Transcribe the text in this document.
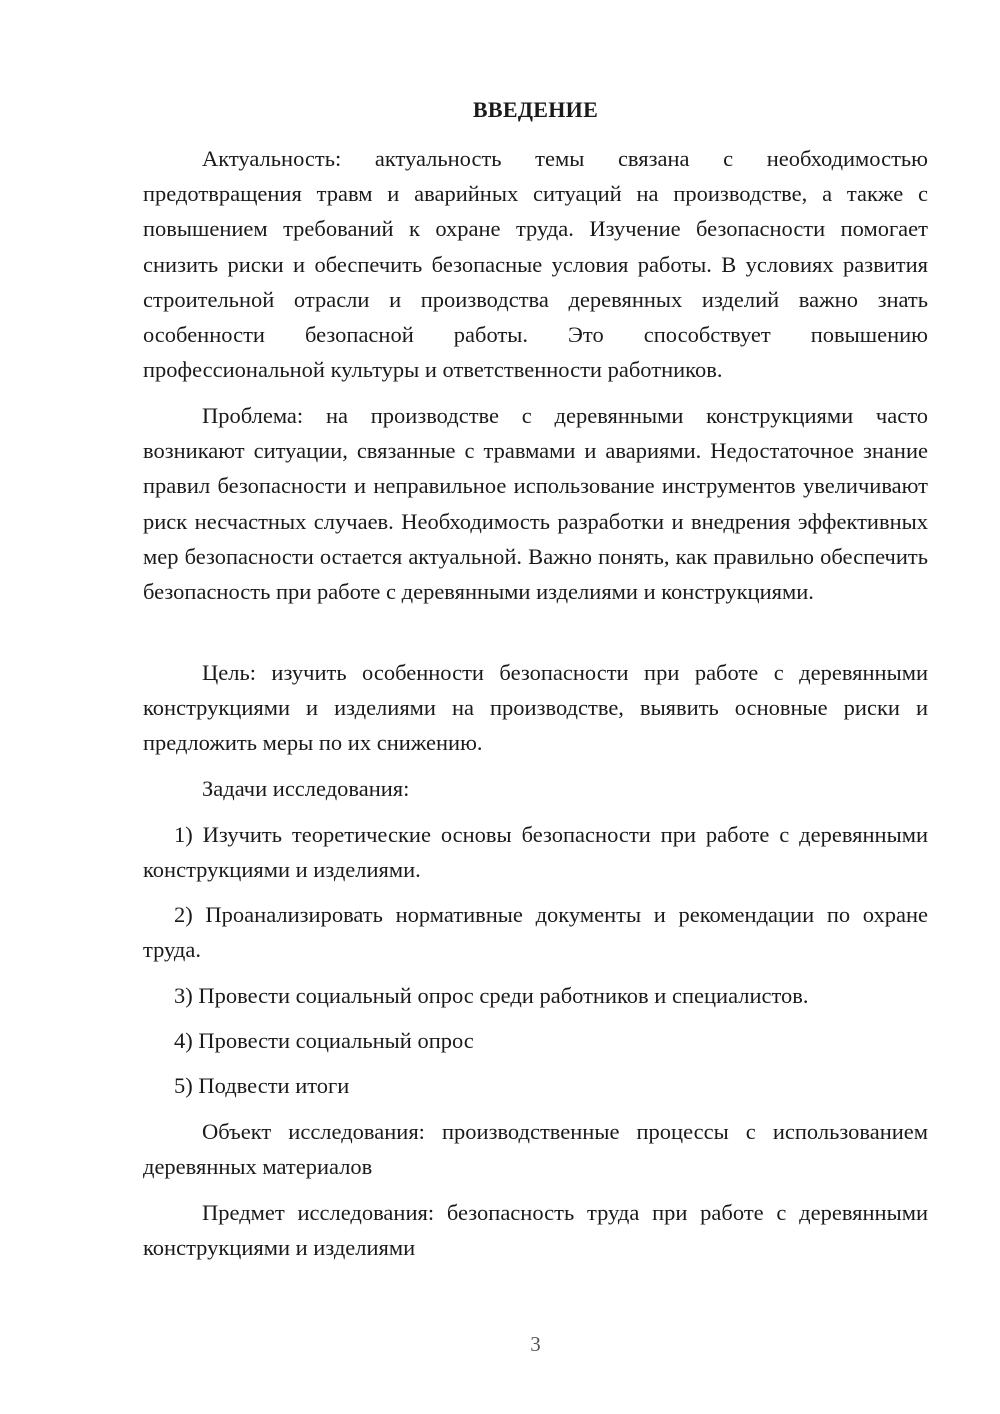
ВВЕДЕНИЕ

Актуальность: актуальность темы связана с необходимостью предотвращения травм и аварийных ситуаций на производстве, а также с повышением требований к охране труда. Изучение безопасности помогает снизить риски и обеспечить безопасные условия работы. В условиях развития строительной отрасли и производства деревянных изделий важно знать особенности безопасной работы. Это способствует повышению профессиональной культуры и ответственности работников.

Проблема: на производстве с деревянными конструкциями часто возникают ситуации, связанные с травмами и авариями. Недостаточное знание правил безопасности и неправильное использование инструментов увеличивают риск несчастных случаев. Необходимость разработки и внедрения эффективных мер безопасности остается актуальной. Важно понять, как правильно обеспечить безопасность при работе с деревянными изделиями и конструкциями.

Цель: изучить особенности безопасности при работе с деревянными конструкциями и изделиями на производстве, выявить основные риски и предложить меры по их снижению.

Задачи исследования:

1) Изучить теоретические основы безопасности при работе с деревянными конструкциями и изделиями.

2) Проанализировать нормативные документы и рекомендации по охране труда.

3) Провести социальный опрос среди работников и специалистов.

4) Провести социальный опрос

5) Подвести итоги

Объект исследования: производственные процессы с использованием деревянных материалов

Предмет исследования: безопасность труда при работе с деревянными конструкциями и изделиями

3
